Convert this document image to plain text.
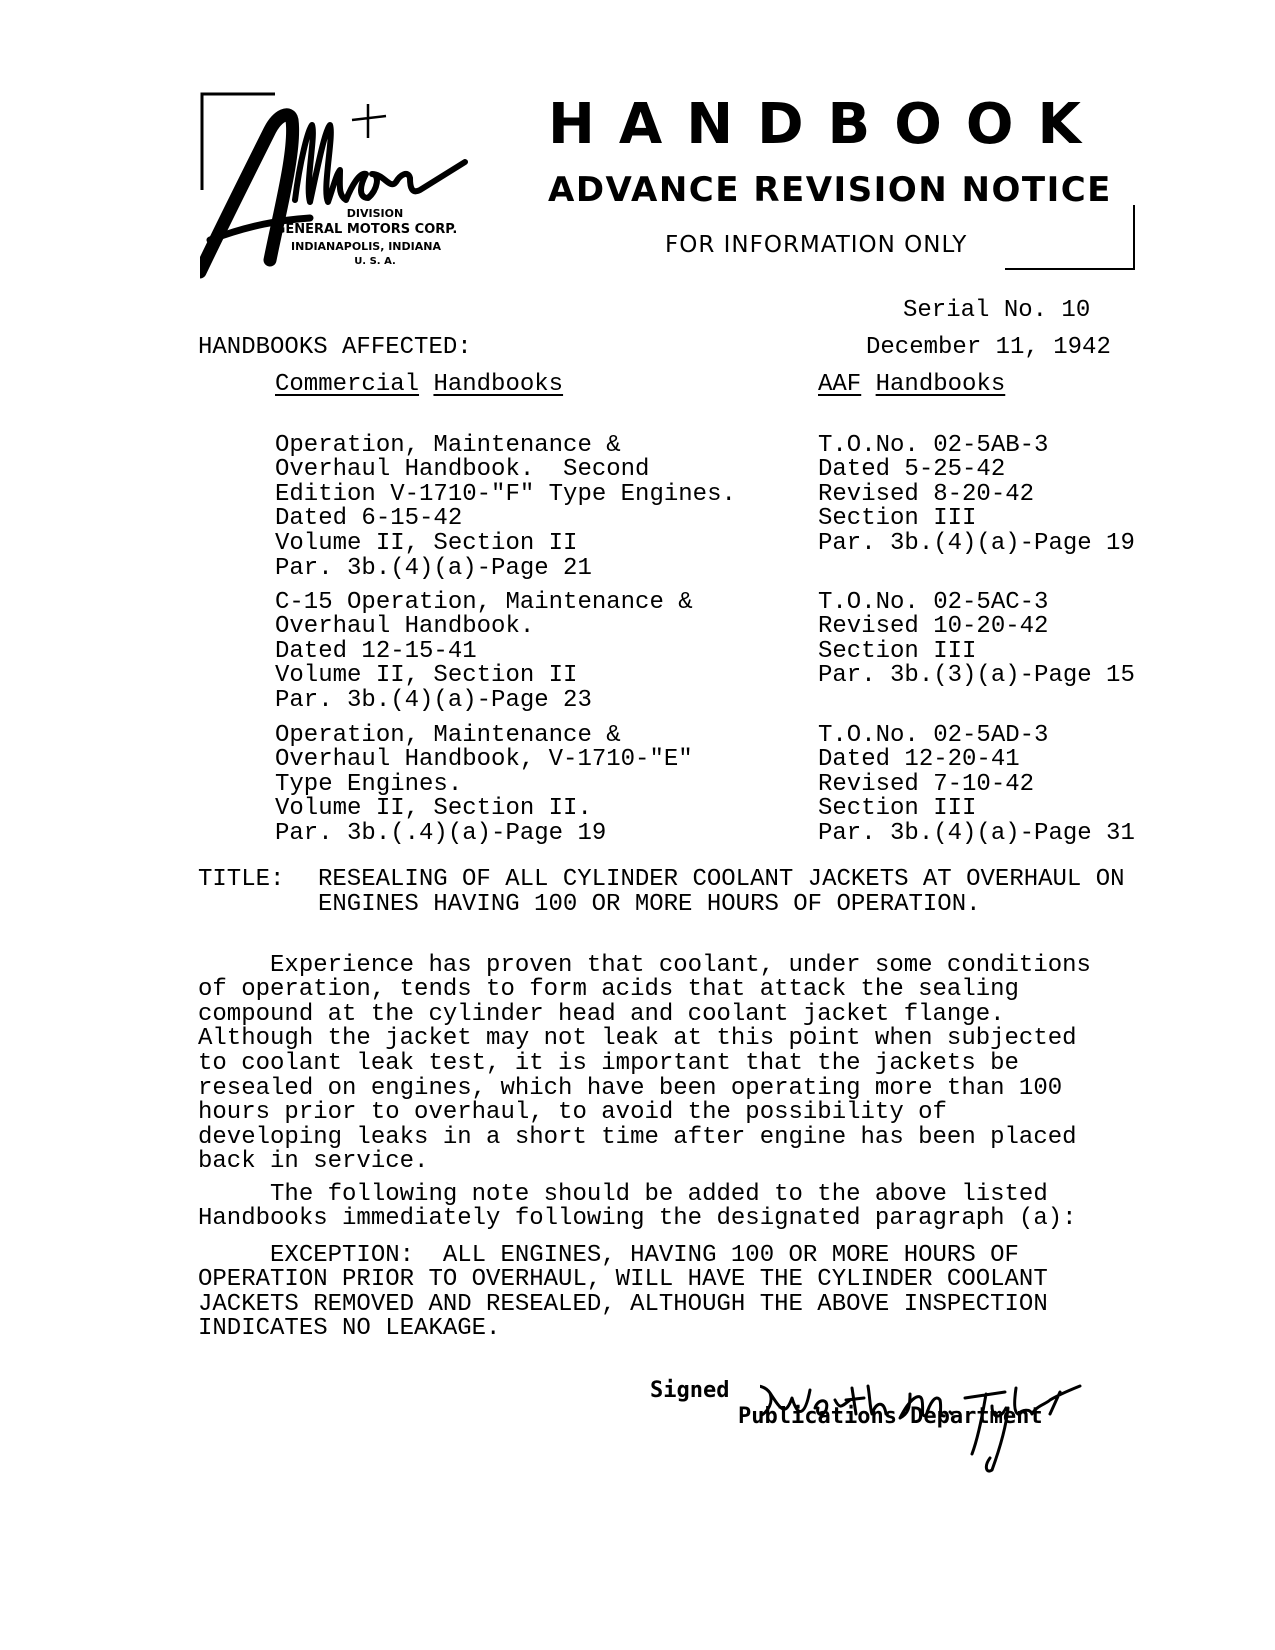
DIVISION
GENERAL MOTORS CORP.
INDIANAPOLIS, INDIANA
U. S. A.
HANDBOOK
ADVANCE REVISION NOTICE
FOR INFORMATION ONLY
Serial No. 10
December 11, 1942
HANDBOOKS AFFECTED:
Commercial Handbooks	AAF Handbooks

Operation, Maintenance &
Overhaul Handbook.  Second
Edition V-1710-"F" Type Engines.
Dated 6-15-42
Volume II, Section II
Par. 3b.(4)(a)-Page 21

T.O.No. 02-5AB-3
Dated 5-25-42
Revised 8-20-42
Section III
Par. 3b.(4)(a)-Page 19

C-15 Operation, Maintenance &
Overhaul Handbook.
Dated 12-15-41
Volume II, Section II
Par. 3b.(4)(a)-Page 23

T.O.No. 02-5AC-3
Revised 10-20-42
Section III
Par. 3b.(3)(a)-Page 15

Operation, Maintenance &
Overhaul Handbook, V-1710-"E"
Type Engines.
Volume II, Section II.
Par. 3b.(.4)(a)-Page 19

T.O.No. 02-5AD-3
Dated 12-20-41
Revised 7-10-42
Section III
Par. 3b.(4)(a)-Page 31

TITLE: RESEALING OF ALL CYLINDER COOLANT JACKETS AT OVERHAUL ON
ENGINES HAVING 100 OR MORE HOURS OF OPERATION.

Experience has proven that coolant, under some conditions
of operation, tends to form acids that attack the sealing
compound at the cylinder head and coolant jacket flange.
Although the jacket may not leak at this point when subjected
to coolant leak test, it is important that the jackets be
resealed on engines, which have been operating more than 100
hours prior to overhaul, to avoid the possibility of
developing leaks in a short time after engine has been placed
back in service.

The following note should be added to the above listed
Handbooks immediately following the designated paragraph (a):

EXCEPTION:  ALL ENGINES, HAVING 100 OR MORE HOURS OF
OPERATION PRIOR TO OVERHAUL, WILL HAVE THE CYLINDER COOLANT
JACKETS REMOVED AND RESEALED, ALTHOUGH THE ABOVE INSPECTION
INDICATES NO LEAKAGE.

Signed
Publications Department
